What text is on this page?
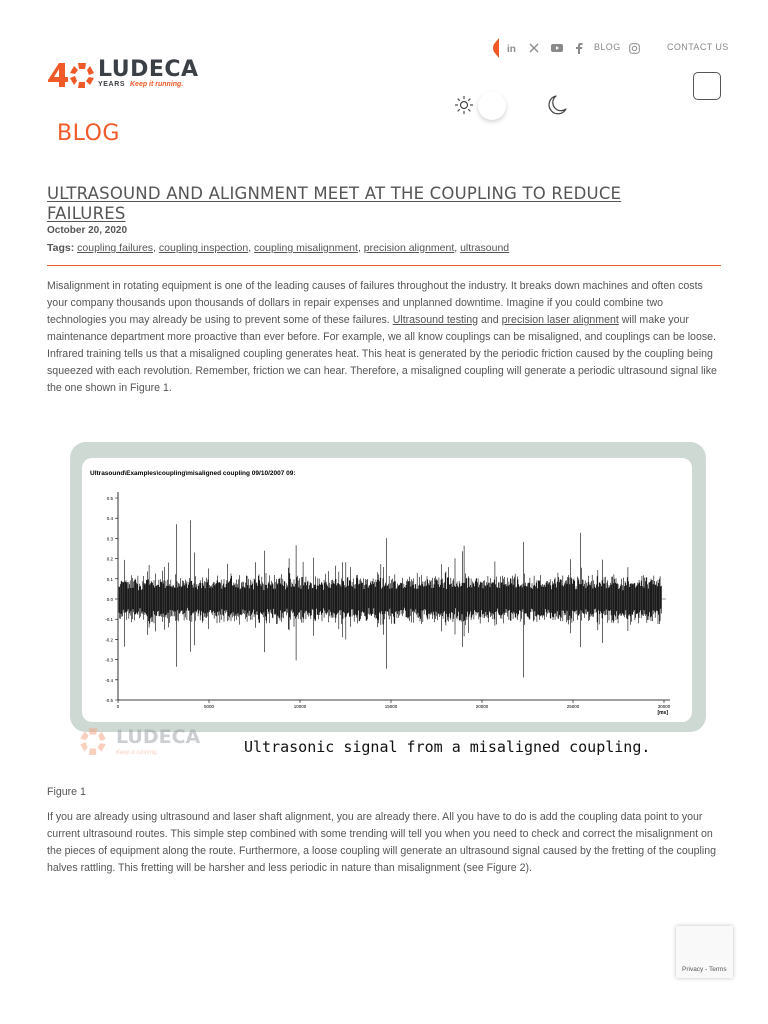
in	BLOG	CONTACT US
LUDECA
YEARS Keep it running.
BLOG
ULTRASOUND AND ALIGNMENT MEET AT THE COUPLING TO REDUCE FAILURES
October 20, 2020
Tags: coupling failures, coupling inspection, coupling misalignment, precision alignment, ultrasound

Misalignment in rotating equipment is one of the leading causes of failures throughout the industry. It breaks down machines and often costs your company thousands upon thousands of dollars in repair expenses and unplanned downtime. Imagine if you could combine two technologies you may already be using to prevent some of these failures. Ultrasound testing and precision laser alignment will make your maintenance department more proactive than ever before. For example, we all know couplings can be misaligned, and couplings can be loose. Infrared training tells us that a misaligned coupling generates heat. This heat is generated by the periodic friction caused by the coupling being squeezed with each revolution. Remember, friction we can hear. Therefore, a misaligned coupling will generate a periodic ultrasound signal like the one shown in Figure 1.

Ultrasound\Examples\coupling\misaligned coupling 09/10/2007 09:
0.5
0.4
0.3
0.2
0.1
0.0
-0.1
-0.2
-0.3
-0.4
-0.5
0	5000	10000	15000	20000	25000	30000
[ms]
LUDECA
Keep it running.	Ultrasonic signal from a misaligned coupling.
Figure 1

If you are already using ultrasound and laser shaft alignment, you are already there. All you have to do is add the coupling data point to your current ultrasound routes. This simple step combined with some trending will tell you when you need to check and correct the misalignment on the pieces of equipment along the route. Furthermore, a loose coupling will generate an ultrasound signal caused by the fretting of the coupling halves rattling. This fretting will be harsher and less periodic in nature than misalignment (see Figure 2).

Privacy - Terms
